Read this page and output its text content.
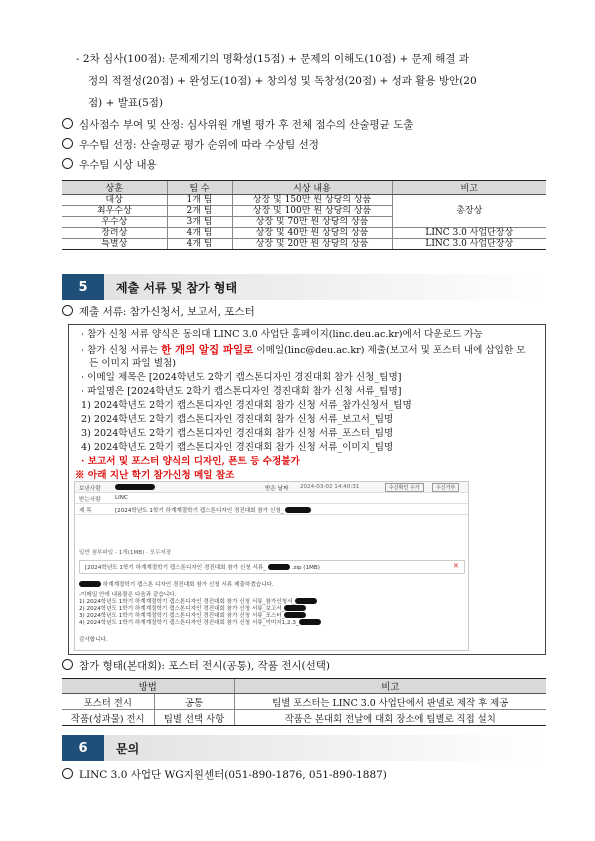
- 2차 심사(100점): 문제제기의 명확성(15점) + 문제의 이해도(10점) + 문제 해결 과
정의 적절성(20점) + 완성도(10점) + 창의성 및 독창성(20점) + 성과 활용 방안(20
점) + 발표(5점)
심사점수 부여 및 산정: 심사위원 개별 평가 후 전체 점수의 산술평균 도출
우수팀 선정: 산술평균 평가 순위에 따라 수상팀 선정
우수팀 시상 내용
상훈	팀 수	시상 내용	비고
대상	1개 팀	상장 및 150만 원 상당의 상품	총장상
최우수상	2개 팀	상장 및 100만 원 상당의 상품	
우수상	3개 팀	상장 및 70만 원 상당의 상품	
장려상	4개 팀	상장 및 40만 원 상당의 상품	LINC 3.0 사업단장상
특별상	4개 팀	상장 및 20만 원 상당의 상품	LINC 3.0 사업단장상
5	제출 서류 및 참가 형태
제출 서류: 참가신청서, 보고서, 포스터
· 참가 신청 서류 양식은 동의대 LINC 3.0 사업단 홈페이지(linc.deu.ac.kr)에서 다운로드 가능
· 참가 신청 서류는 한 개의 알집 파일로 이메일(linc@deu.ac.kr) 제출(보고서 및 포스터 내에 삽입한 모
든 이미지 파일 별첨)
· 이메일 제목은 [2024학년도 2학기 캡스톤디자인 경진대회 참가 신청_팀명]
· 파일명은 [2024학년도 2학기 캡스톤디자인 경진대회 참가 신청 서류_팀명]
1) 2024학년도 2학기 캡스톤디자인 경진대회 참가 신청 서류_참가신청서_팀명
2) 2024학년도 2학기 캡스톤디자인 경진대회 참가 신청 서류_보고서_팀명
3) 2024학년도 2학기 캡스톤디자인 경진대회 참가 신청 서류_포스터_팀명
4) 2024학년도 2학기 캡스톤디자인 경진대회 참가 신청 서류_이미지_팀명
· 보고서 및 포스터 양식의 디자인, 폰트 등 수정불가
※ 아래 지난 학기 참가신청 메일 참조
보낸사람	받은 날짜 2024-03-02 14:40:31	수신확인 수가	수신거부
받는사람	LINC
제 목	[2024학년도 1학기 하계계절학기 캡스톤디자인 경진대회 참가 신청_
일반 첨부파일 - 1개(1MB) · 모두저장
[2024학년도 1학기 하계계절학기 캡스톤디자인 경진대회 참가 신청 서류_	.zip (1MB)	✕
하계계절학기 캡스톤 디자인 경진대회 참가 신청 서류 제출하겠습니다.
-이메일 안에 내용물은 다음과 같습니다.
1) 2024학년도 1학기 하계계절학기 캡스톤디자인 경진대회 참가 신청 서류_참가신청서_
2) 2024학년도 1학기 하계계절학기 캡스톤디자인 경진대회 참가 신청 서류_보고서_
3) 2024학년도 1학기 하계계절학기 캡스톤디자인 경진대회 참가 신청 서류_포스터_
4) 2024학년도 1학기 하계계절학기 캡스톤디자인 경진대회 참가 신청 서류_이미지1,2,3_
감사합니다.
참가 형태(본대회): 포스터 전시(공통), 작품 전시(선택)
방법		비고
포스터 전시	공통	팀별 포스터는 LINC 3.0 사업단에서 판넬로 제작 후 제공
작품(성과물) 전시	팀별 선택 사항	작품은 본대회 전날에 대회 장소에 팀별로 직접 설치
6	문의
LINC 3.0 사업단 WG지원센터(051-890-1876, 051-890-1887)
